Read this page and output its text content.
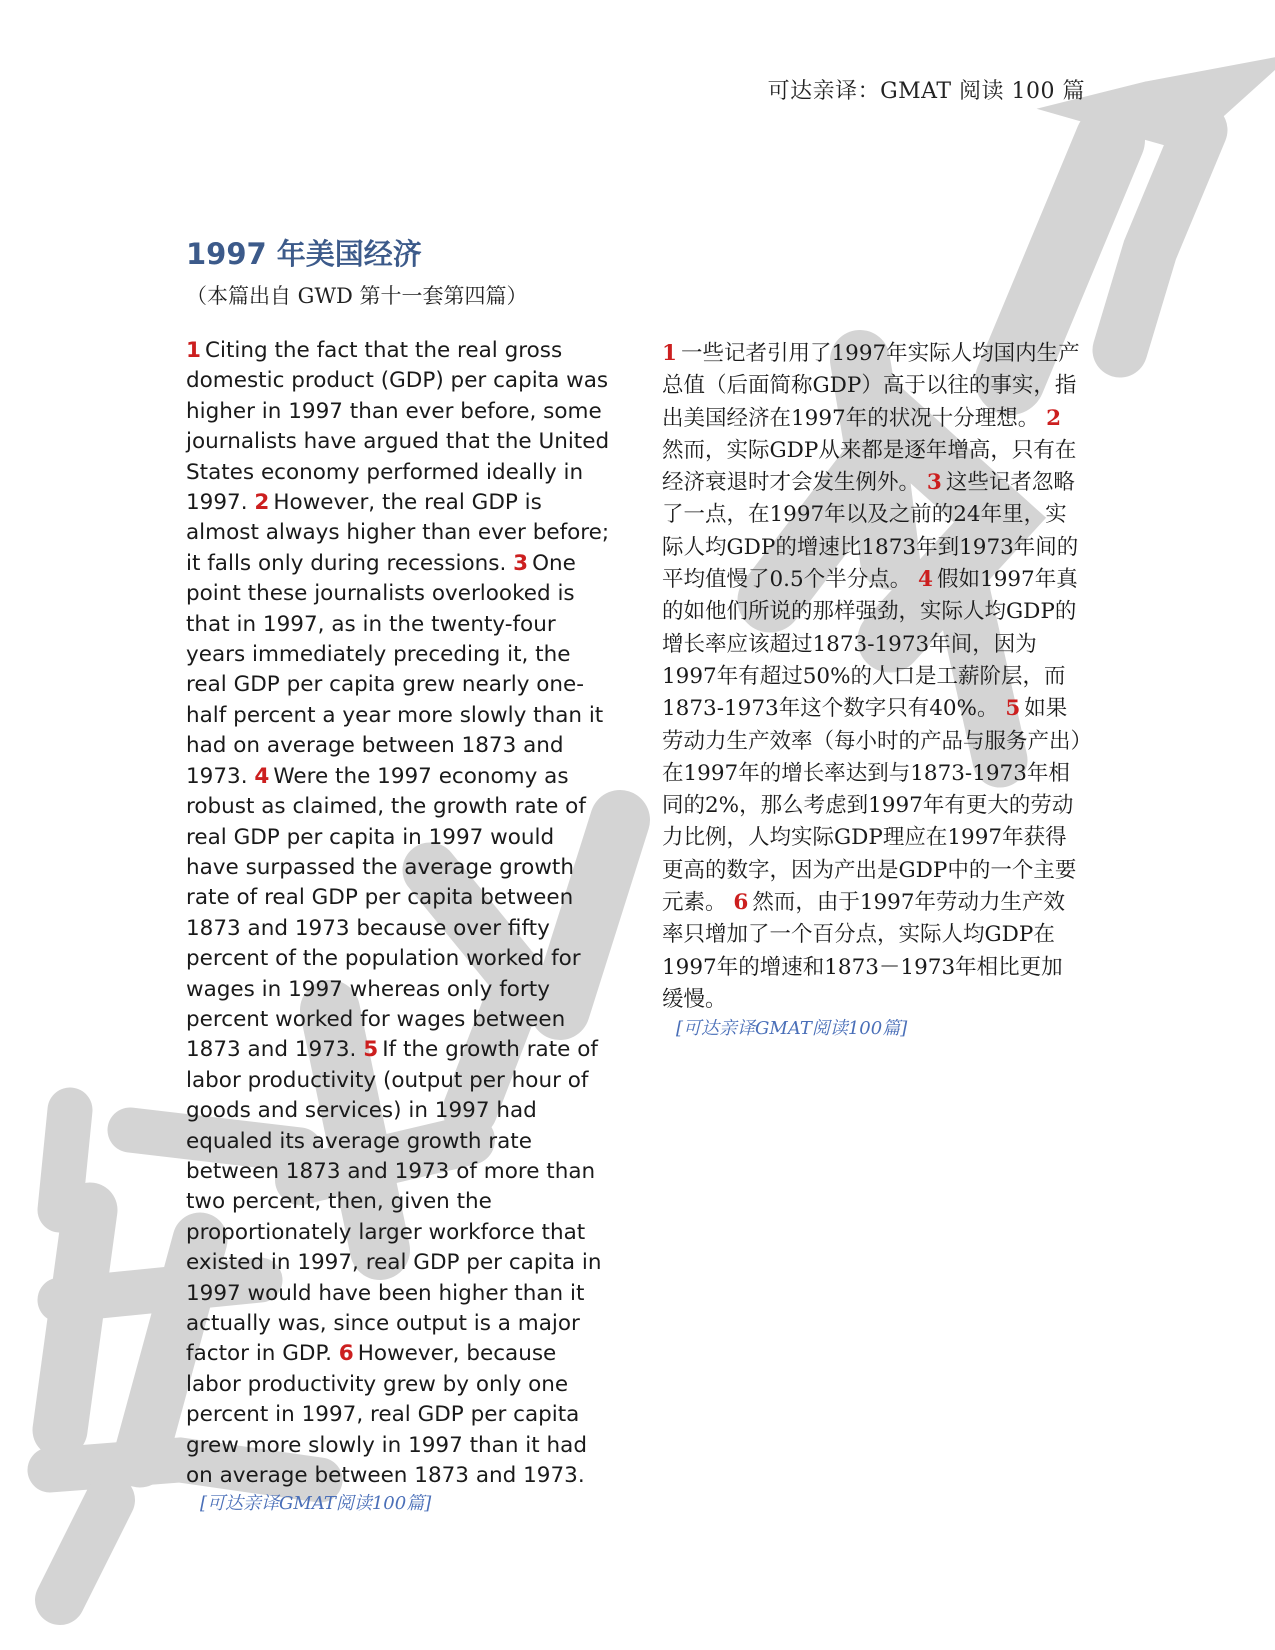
可达亲译：GMAT 阅读 100 篇
1997 年美国经济
（本篇出自 GWD 第十一套第四篇）
1 Citing the fact that the real gross domestic product (GDP) per capita was higher in 1997 than ever before, some journalists have argued that the United States economy performed ideally in 1997. 2 However, the real GDP is almost always higher than ever before; it falls only during recessions. 3 One point these journalists overlooked is that in 1997, as in the twenty-four years immediately preceding it, the real GDP per capita grew nearly one-half percent a year more slowly than it had on average between 1873 and 1973. 4 Were the 1997 economy as robust as claimed, the growth rate of real GDP per capita in 1997 would have surpassed the average growth rate of real GDP per capita between 1873 and 1973 because over fifty percent of the population worked for wages in 1997 whereas only forty percent worked for wages between 1873 and 1973. 5 If the growth rate of labor productivity (output per hour of goods and services) in 1997 had equaled its average growth rate between 1873 and 1973 of more than two percent, then, given the proportionately larger workforce that existed in 1997, real GDP per capita in 1997 would have been higher than it actually was, since output is a major factor in GDP. 6 However, because labor productivity grew by only one percent in 1997, real GDP per capita grew more slowly in 1997 than it had on average between 1873 and 1973.
[可达亲译GMAT阅读100篇]
1 一些记者引用了1997年实际人均国内生产总值（后面简称GDP）高于以往的事实，指出美国经济在1997年的状况十分理想。 2然而，实际GDP从来都是逐年增高，只有在经济衰退时才会发生例外。 3 这些记者忽略了一点，在1997年以及之前的24年里，实际人均GDP的增速比1873年到1973年间的平均值慢了0.5个半分点。 4 假如1997年真的如他们所说的那样强劲，实际人均GDP的增长率应该超过1873-1973年间，因为1997年有超过50%的人口是工薪阶层，而1873-1973年这个数字只有40%。 5 如果劳动力生产效率（每小时的产品与服务产出）在1997年的增长率达到与1873-1973年相同的2%，那么考虑到1997年有更大的劳动力比例，人均实际GDP理应在1997年获得更高的数字，因为产出是GDP中的一个主要元素。 6 然而，由于1997年劳动力生产效率只增加了一个百分点，实际人均GDP在1997年的增速和1873－1973年相比更加缓慢。
[可达亲译GMAT阅读100篇]
